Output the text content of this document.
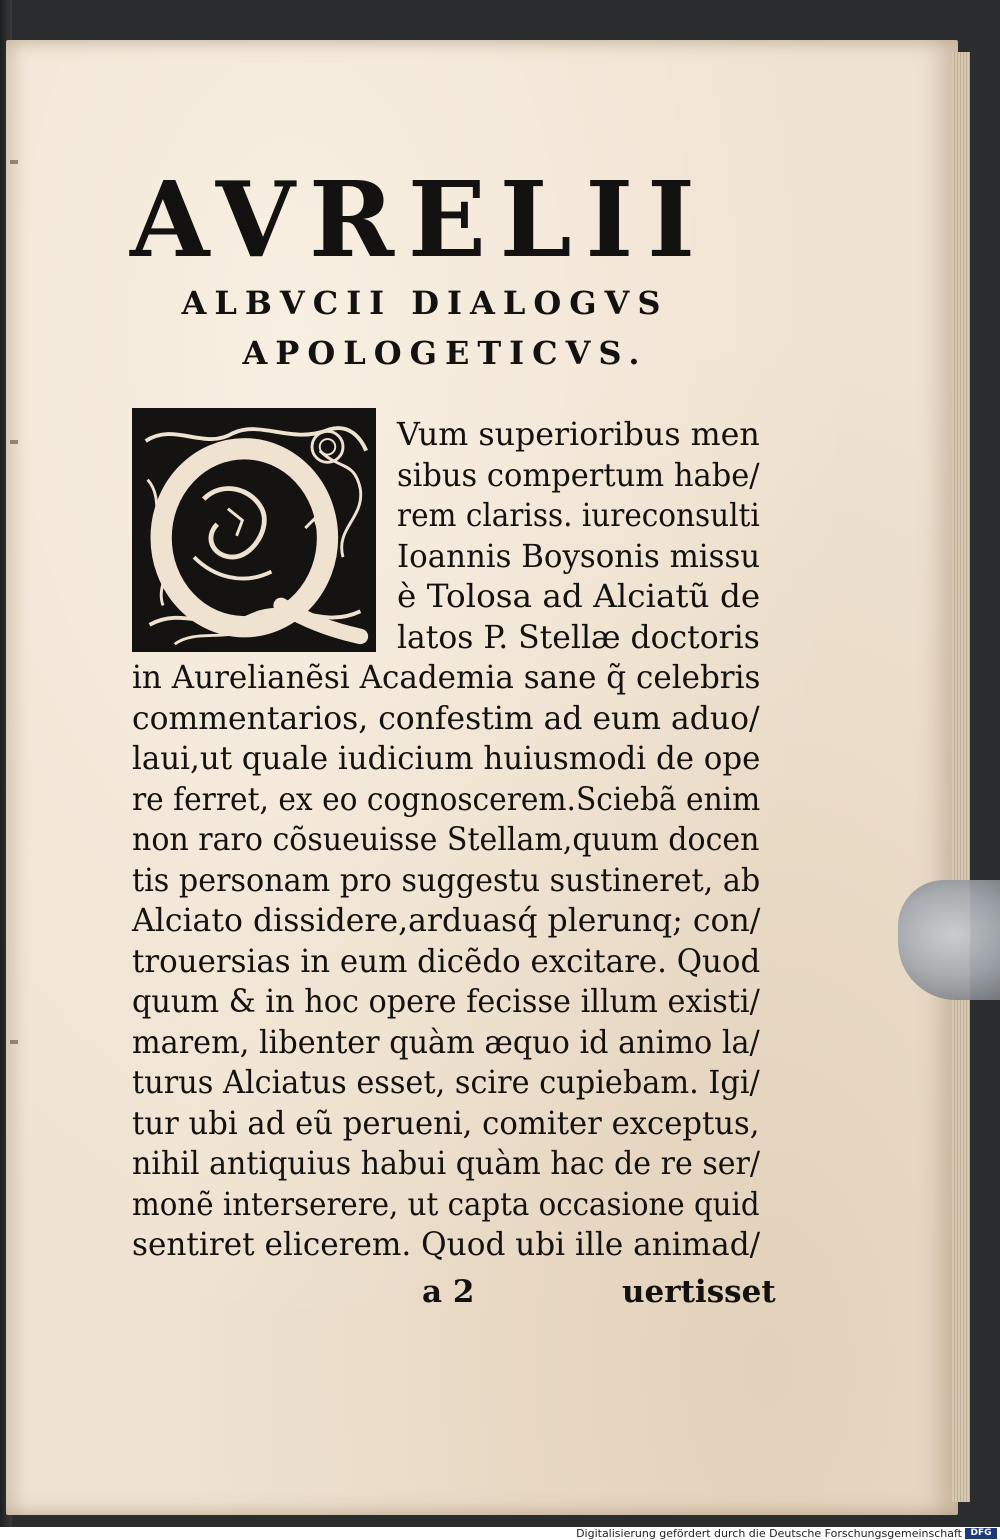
AVRELII
ALBVCII DIALOGVS
APOLOGETICVS.
Vum superioribus men
sibus compertum habe/
rem clariss. iureconsulti
Ioannis Boysonis missu
è Tolosa ad Alciatũ de
latos P. Stellæ doctoris
in Aurelianẽsi Academia sane q̃ celebris
commentarios, confestim ad eum aduo/
laui,ut quale iudicium huiusmodi de ope
re ferret, ex eo cognoscerem.Sciebã enim
non raro cõsueuisse Stellam,quum docen
tis personam pro suggestu sustineret, ab
Alciato dissidere,arduasq́ plerunq; con/
trouersias in eum dicẽdo excitare. Quod
quum & in hoc opere fecisse illum existi/
marem, libenter quàm æquo id animo la/
turus Alciatus esset, scire cupiebam. Igi/
tur ubi ad eũ perueni, comiter exceptus,
nihil antiquius habui quàm hac de re ser/
monẽ interserere, ut capta occasione quid
sentiret elicerem. Quod ubi ille animad/
a 2	uertisset
Digitalisierung gefördert durch die Deutsche Forschungsgemeinschaft DFG
